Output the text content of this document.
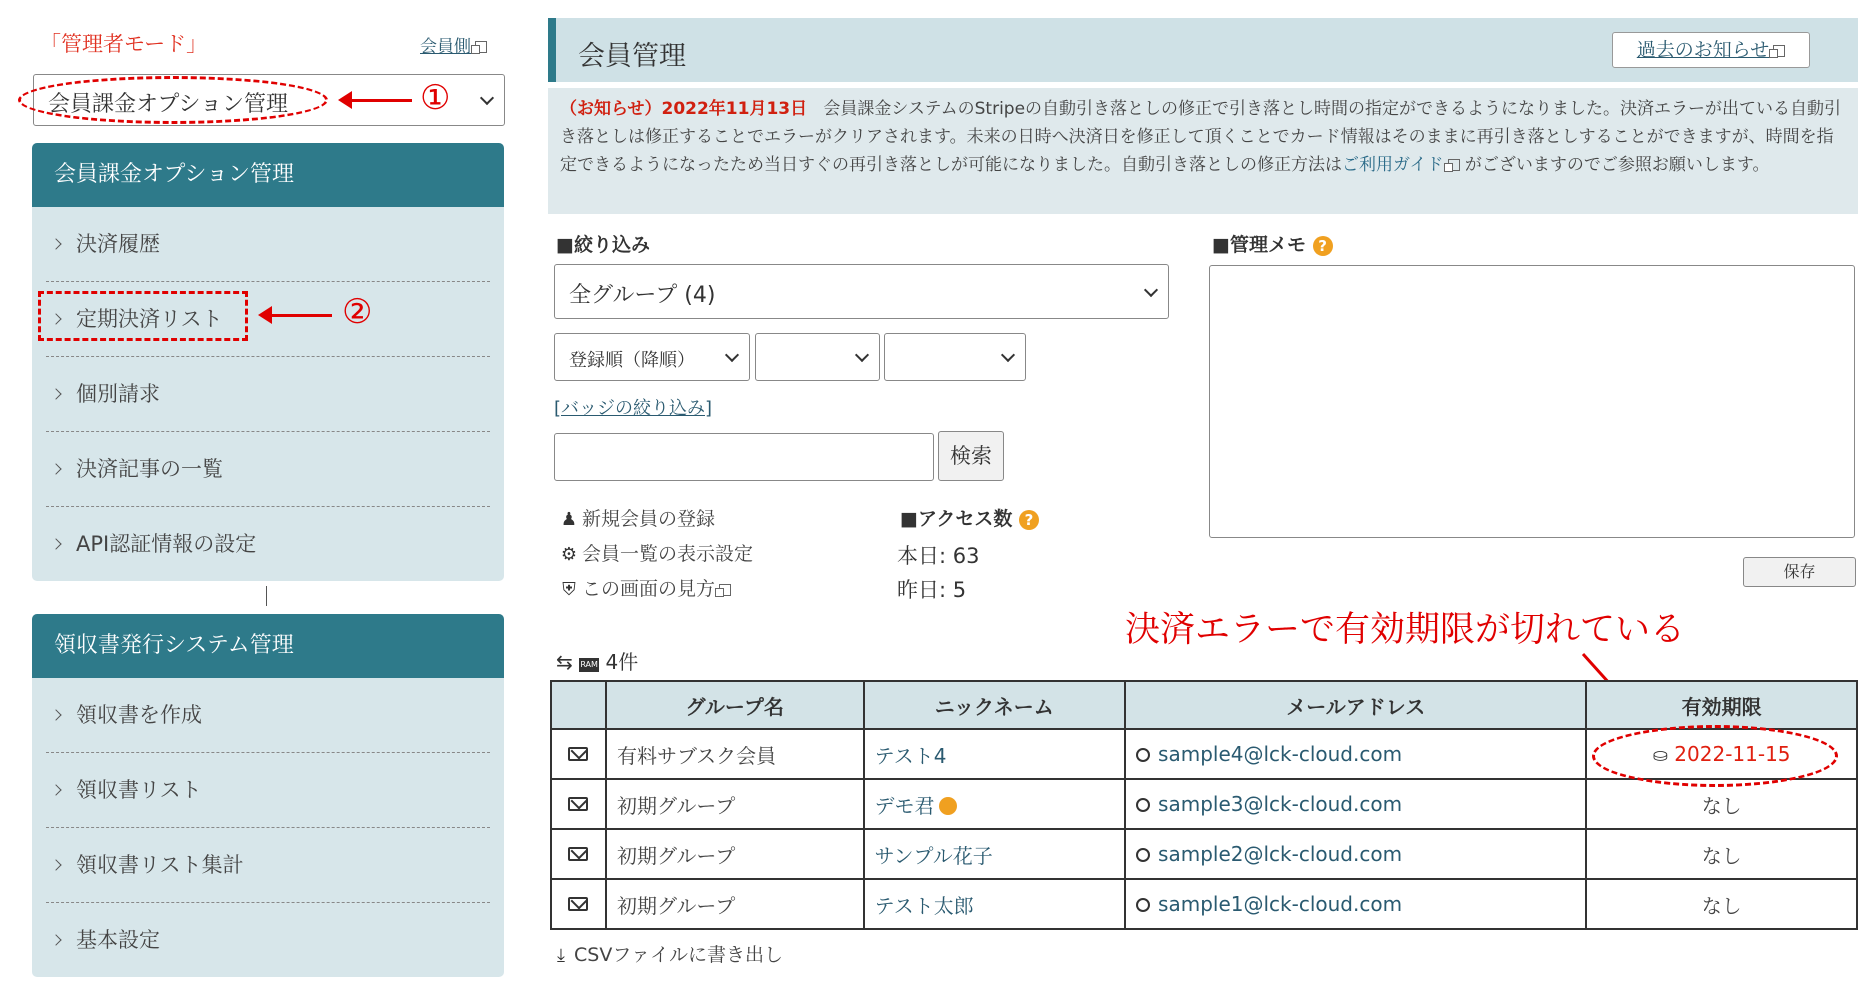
「管理者モード」	会員側
会員課金オプション管理
会員課金オプション管理
決済履歴
定期決済リスト
個別請求
決済記事の一覧
API認証情報の設定
領収書発行システム管理
領収書を作成
領収書リスト
領収書リスト集計
基本設定
①
②
会員管理	過去のお知らせ
（お知らせ）2022年11月13日 会員課金システムのStripeの自動引き落としの修正で引き落とし時間の指定ができるようになりました。決済エラーが出ている自動引き落としは修正することでエラーがクリアされます。未来の日時へ決済日を修正して頂くことでカード情報はそのままに再引き落としすることができますが、時間を指定できるようになったため当日すぐの再引き落としが可能になりました。自動引き落としの修正方法はご利用ガイド がございますのでご参照お願いします。
■絞り込み
全グループ (4)
登録順（降順）
[バッジの絞り込み]
検索
♟ 新規会員の登録
⚙ 会員一覧の表示設定
⛨ この画面の見方
■アクセス数 ?
本日: 63
昨日: 5
■管理メモ ?
保存
決済エラーで有効期限が切れている
⇆ RAM 4件
	グループ名	ニックネーム	メールアドレス	有効期限
	有料サブスク会員	テスト4	sample4@lck-cloud.com	⛀ 2022-11-15
	初期グループ	デモ君	sample3@lck-cloud.com	なし
	初期グループ	サンプル花子	sample2@lck-cloud.com	なし
	初期グループ	テスト太郎	sample1@lck-cloud.com	なし
⤓ CSVファイルに書き出し
